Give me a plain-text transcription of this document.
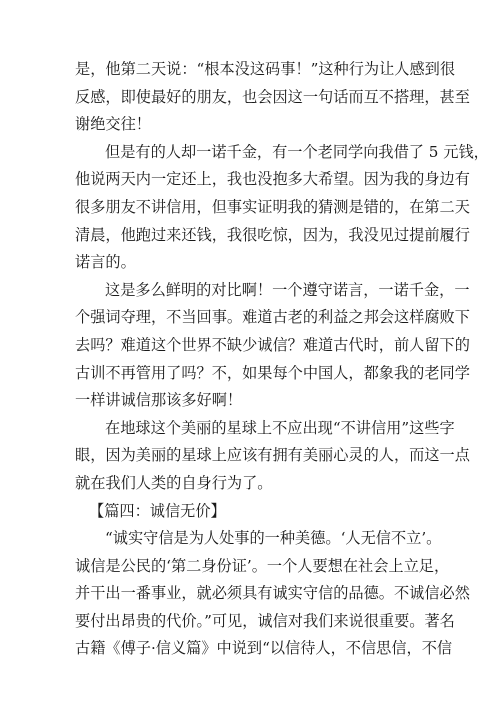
是，他第二天说：“根本没这码事！”这种行为让人感到很
反感，即使最好的朋友，也会因这一句话而互不搭理，甚至
谢绝交往！
但是有的人却一诺千金，有一个老同学向我借了 5 元钱，
他说两天内一定还上，我也没抱多大希望。因为我的身边有
很多朋友不讲信用，但事实证明我的猜测是错的，在第二天
清晨，他跑过来还钱，我很吃惊，因为，我没见过提前履行
诺言的。
这是多么鲜明的对比啊！一个遵守诺言，一诺千金，一
个强词夺理，不当回事。难道古老的利益之邦会这样腐败下
去吗？难道这个世界不缺少诚信？难道古代时，前人留下的
古训不再管用了吗？不，如果每个中国人，都象我的老同学
一样讲诚信那该多好啊！
在地球这个美丽的星球上不应出现“不讲信用”这些字
眼，因为美丽的星球上应该有拥有美丽心灵的人，而这一点
就在我们人类的自身行为了。
【篇四：诚信无价】
“诚实守信是为人处事的一种美德。‘人无信不立’。
诚信是公民的‘第二身份证’。一个人要想在社会上立足，
并干出一番事业，就必须具有诚实守信的品德。不诚信必然
要付出昂贵的代价。”可见，诚信对我们来说很重要。著名
古籍《傅子·信义篇》中说到“以信待人，不信思信，不信
